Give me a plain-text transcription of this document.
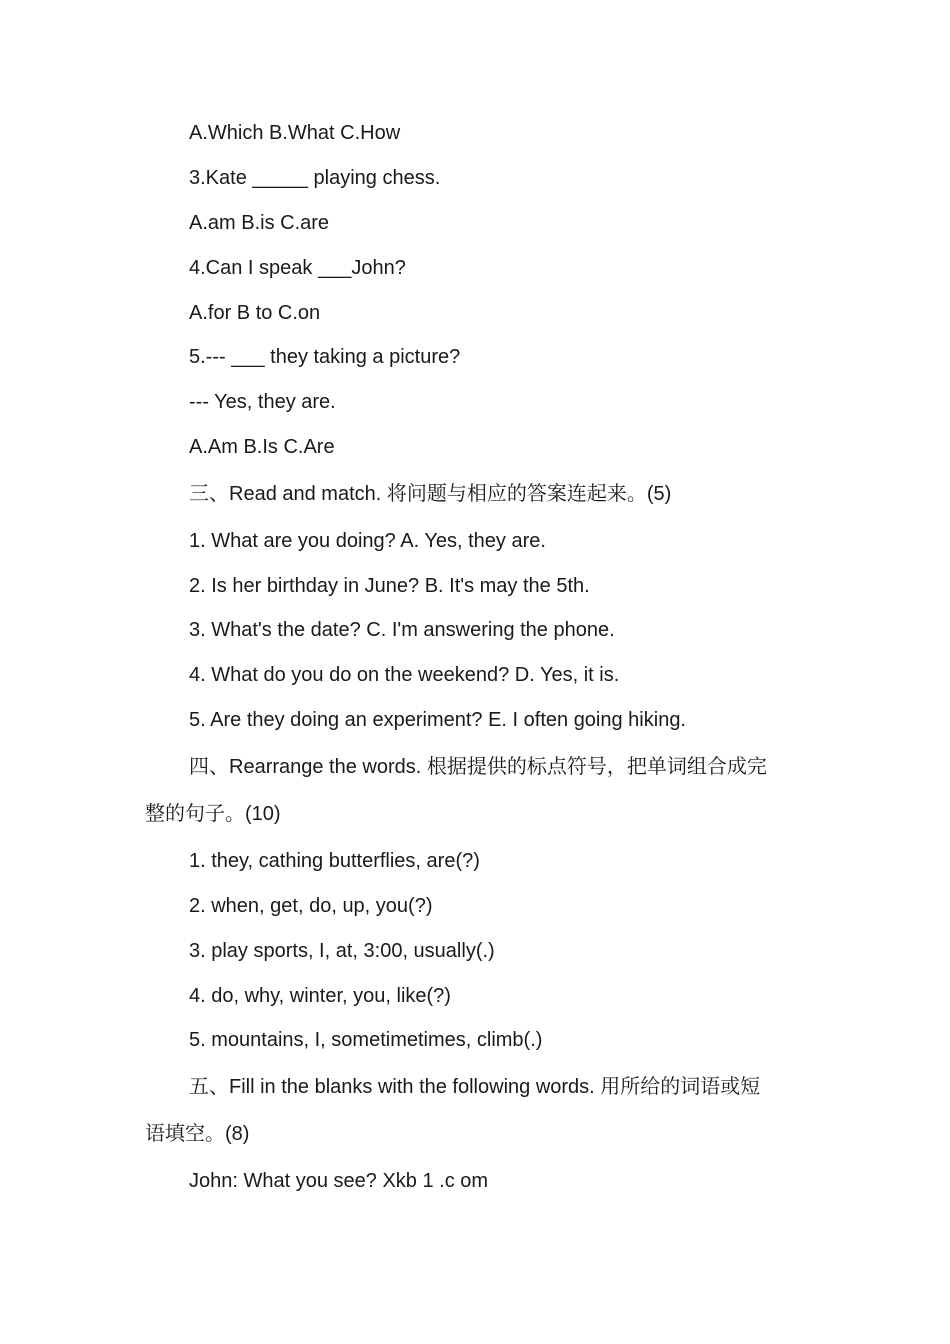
A.Which B.What C.How
3.Kate _____ playing chess.
A.am B.is C.are
4.Can I speak ___John?
A.for B to C.on
5.--- ___ they taking a picture?
--- Yes, they are.
A.Am B.Is C.Are
三、Read and match. 将问题与相应的答案连起来。(5)
1. What are you doing? A. Yes, they are.
2. Is her birthday in June? B. It's may the 5th.
3. What's the date? C. I'm answering the phone.
4. What do you do on the weekend? D. Yes, it is.
5. Are they doing an experiment? E. I often going hiking.
四、Rearrange the words. 根据提供的标点符号，把单词组合成完
整的句子。(10)
1. they, cathing butterflies, are(?)
2. when, get, do, up, you(?)
3. play sports, I, at, 3:00, usually(.)
4. do, why, winter, you, like(?)
5. mountains, I, sometimetimes, climb(.)
五、Fill in the blanks with the following words. 用所给的词语或短
语填空。(8)
John: What you see? Xkb 1 .c om
